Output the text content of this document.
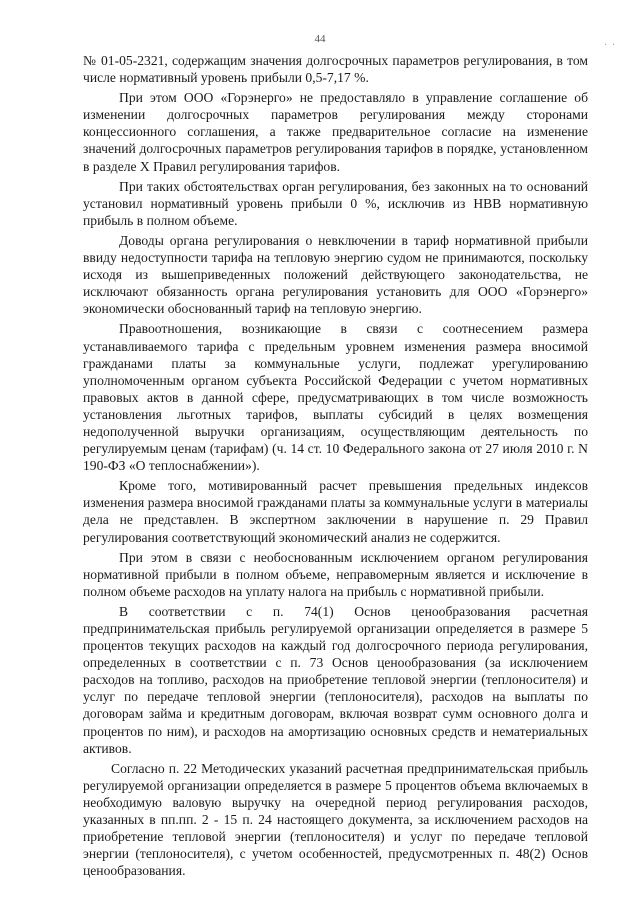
44
· ·

№ 01-05-2321, содержащим значения долгосрочных параметров регулирования, в том числе нормативный уровень прибыли 0,5-7,17 %.

При этом ООО «Горэнерго» не предоставляло в управление соглашение об изменении долгосрочных параметров регулирования между сторонами концессионного соглашения, а также предварительное согласие на изменение значений долгосрочных параметров регулирования тарифов в порядке, установленном в разделе X Правил регулирования тарифов.

При таких обстоятельствах орган регулирования, без законных на то оснований установил нормативный уровень прибыли 0 %, исключив из НВВ нормативную прибыль в полном объеме.

Доводы органа регулирования о невключении в тариф нормативной прибыли ввиду недоступности тарифа на тепловую энергию судом не принимаются, поскольку исходя из вышеприведенных положений действующего законодательства, не исключают обязанность органа регулирования установить для ООО «Горэнерго» экономически обоснованный тариф на тепловую энергию.

Правоотношения, возникающие в связи с соотнесением размера устанавливаемого тарифа с предельным уровнем изменения размера вносимой гражданами платы за коммунальные услуги, подлежат урегулированию уполномоченным органом субъекта Российской Федерации с учетом нормативных правовых актов в данной сфере, предусматривающих в том числе возможность установления льготных тарифов, выплаты субсидий в целях возмещения недополученной выручки организациям, осуществляющим деятельность по регулируемым ценам (тарифам) (ч. 14 ст. 10 Федерального закона от 27 июля 2010 г. N 190-ФЗ «О теплоснабжении»).

Кроме того, мотивированный расчет превышения предельных индексов изменения размера вносимой гражданами платы за коммунальные услуги в материалы дела не представлен. В экспертном заключении в нарушение п. 29 Правил регулирования соответствующий экономический анализ не содержится.

При этом в связи с необоснованным исключением органом регулирования нормативной прибыли в полном объеме, неправомерным является и исключение в полном объеме расходов на уплату налога на прибыль с нормативной прибыли.

В соответствии с п. 74(1) Основ ценообразования расчетная предпринимательская прибыль регулируемой организации определяется в размере 5 процентов текущих расходов на каждый год долгосрочного периода регулирования, определенных в соответствии с п. 73 Основ ценообразования (за исключением расходов на топливо, расходов на приобретение тепловой энергии (теплоносителя) и услуг по передаче тепловой энергии (теплоносителя), расходов на выплаты по договорам займа и кредитным договорам, включая возврат сумм основного долга и процентов по ним), и расходов на амортизацию основных средств и нематериальных активов.

Согласно п. 22 Методических указаний расчетная предпринимательская прибыль регулируемой организации определяется в размере 5 процентов объема включаемых в необходимую валовую выручку на очередной период регулирования расходов, указанных в пп.пп. 2 - 15 п. 24 настоящего документа, за исключением расходов на приобретение тепловой энергии (теплоносителя) и услуг по передаче тепловой энергии (теплоносителя), с учетом особенностей, предусмотренных п. 48(2) Основ ценообразования.
